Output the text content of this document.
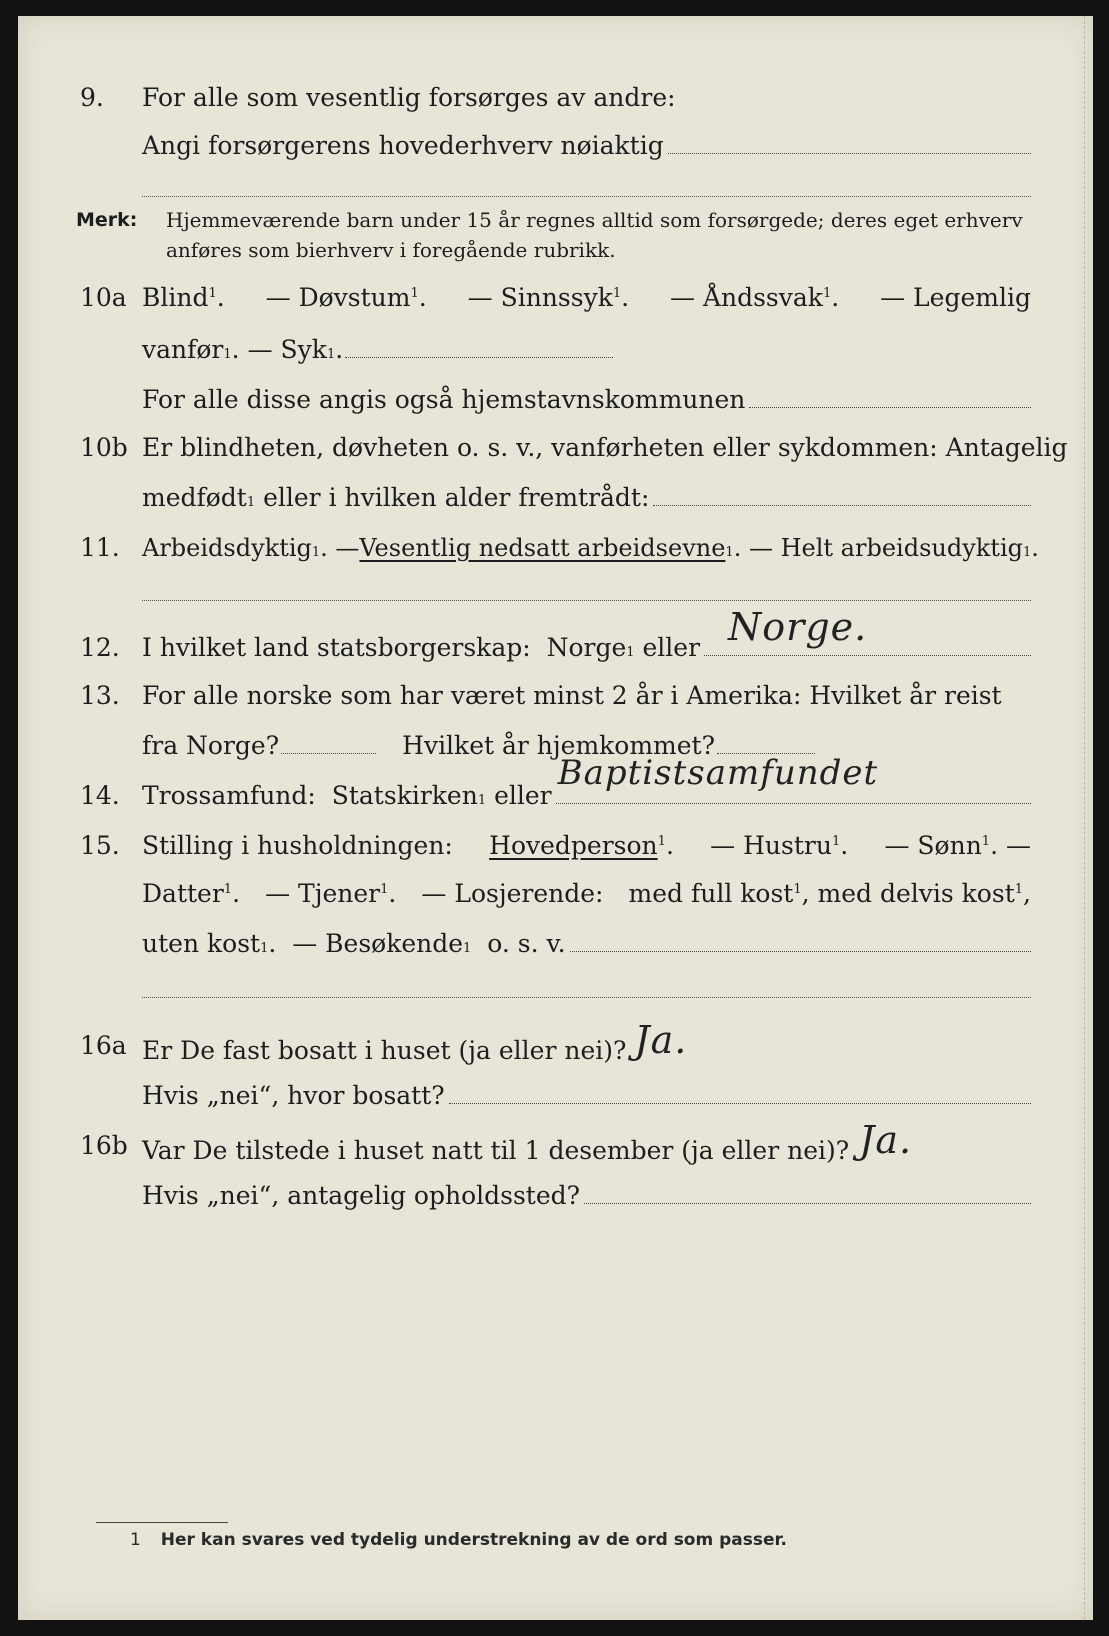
9. For alle som vesentlig forsørges av andre:
Angi forsørgerens hovederhverv nøiaktig
Merk: Hjemmeværende barn under 15 år regnes alltid som forsørgede; deres eget erhverv anføres som bierhverv i foregående rubrikk.
10a Blind$^1$. — Døvstum$^1$. — Sinnssyk$^1$. — Åndssvak$^1$. — Legemlig
vanfør 1 . — Syk 1 .
For alle disse angis også hjemstavnskommunen
10b Er blindheten, døvheten o. s. v., vanførheten eller sykdommen: Antagelig
medfødt 1
eller i hvilken alder fremtrådt:
11. Arbeidsdyktig 1 . — Vesentlig nedsatt arbeidsevne 1 . — Helt arbeidsudyktig 1 .
12. I hvilket land statsborgerskap:
Norge 1
eller Norge.
13. For alle norske som har været minst 2 år i Amerika: Hvilket år reist
fra Norge?	Hvilket år hjemkommet?
14. Trossamfund:
Statskirken 1
eller
Baptistsamfundet
15. Stilling i husholdningen: Hovedperson$^1$. — Hustru$^1$. — Sønn$^1$. —
Datter$^1$. — Tjener$^1$. — Losjerende: med full kost$^1$, med delvis kost$^1$,
uten kost 1 . — Besøkende 1
o. s. v.
16a Er De fast bosatt i huset (ja eller nei)? Ja.
Hvis „nei“, hvor bosatt?
16b Var De tilstede i huset natt til 1 desember (ja eller nei)? Ja.
Hvis „nei“, antagelig opholdssted?
1 Her kan svares ved tydelig understrekning av de ord som passer.
